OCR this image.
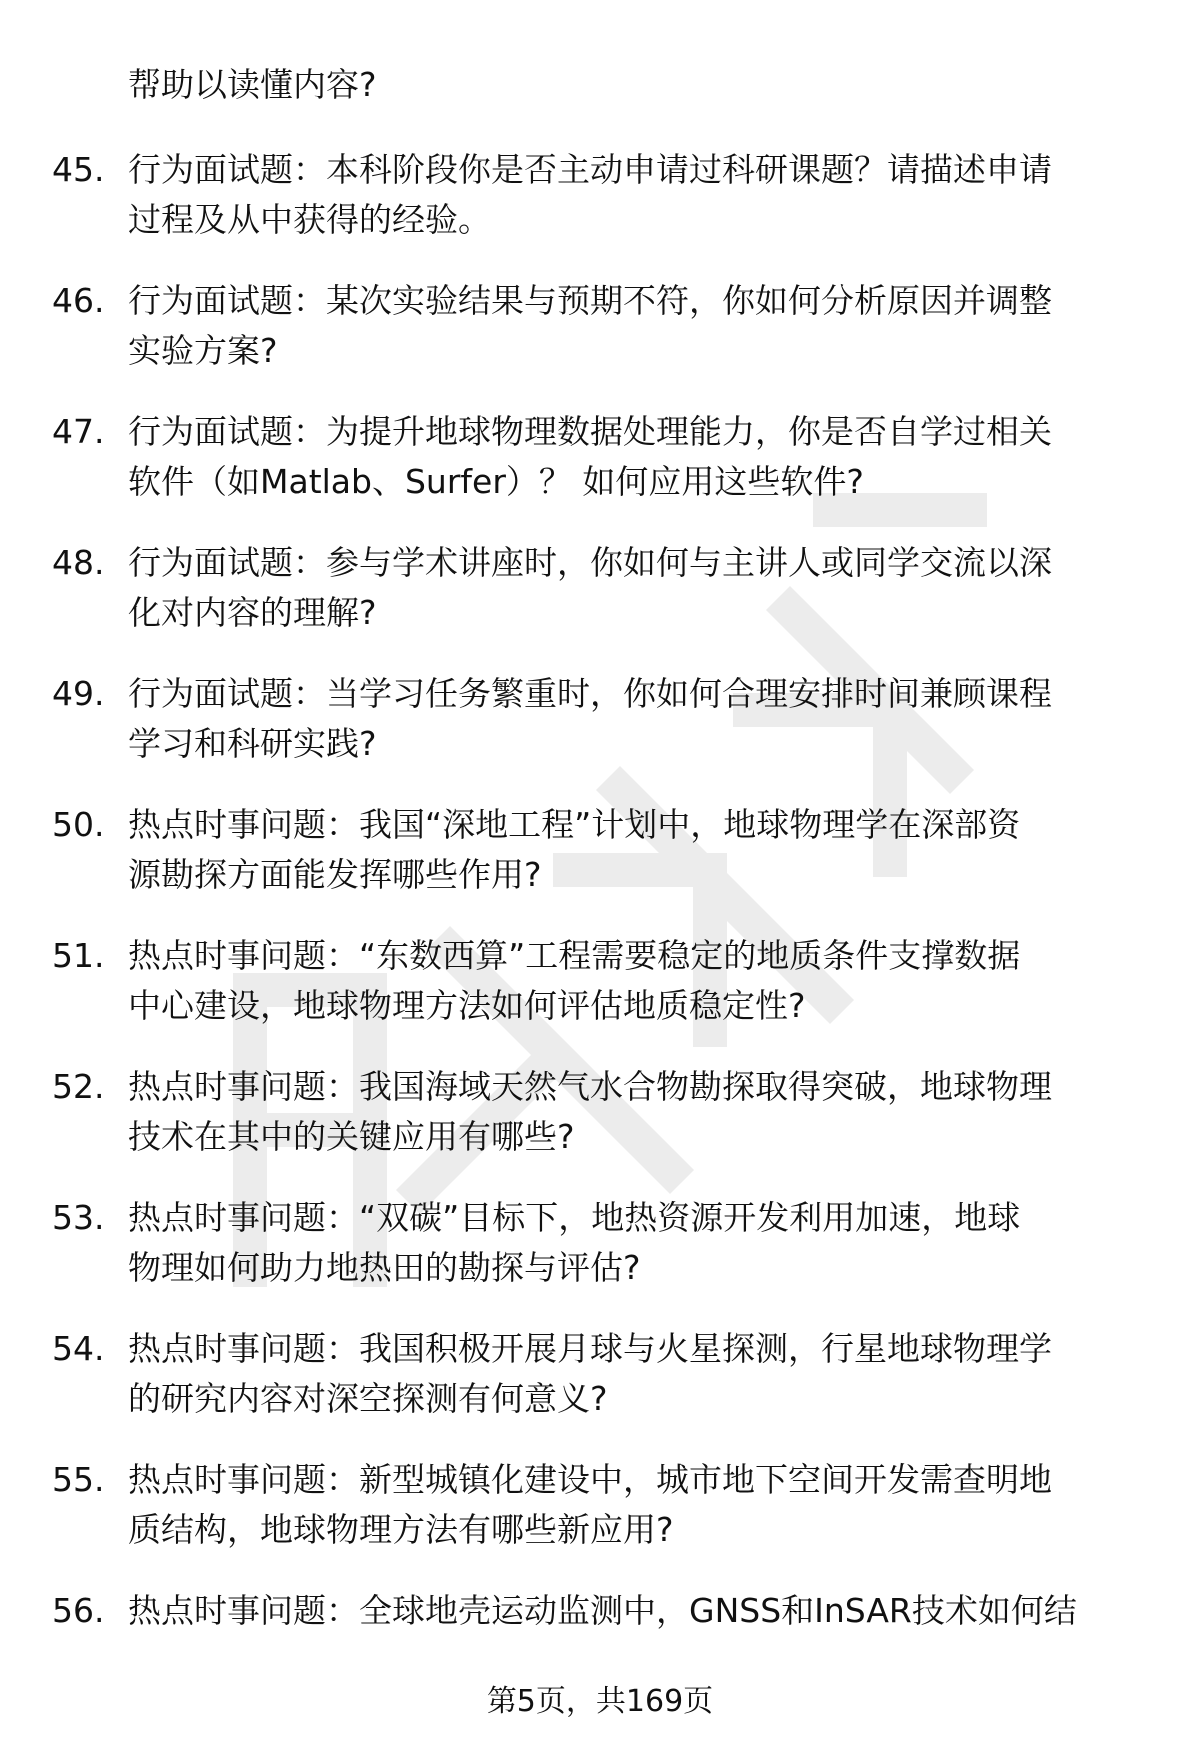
帮助以读懂内容?
45. 行为面试题：本科阶段你是否主动申请过科研课题？请描述申请
过程及从中获得的经验。
46. 行为面试题：某次实验结果与预期不符，你如何分析原因并调整
实验方案?
47. 行为面试题：为提升地球物理数据处理能力，你是否自学过相关
软件（如Matlab、Surfer）？ 如何应用这些软件?
48. 行为面试题：参与学术讲座时，你如何与主讲人或同学交流以深
化对内容的理解?
49. 行为面试题：当学习任务繁重时，你如何合理安排时间兼顾课程
学习和科研实践?
50. 热点时事问题：我国“深地工程”计划中，地球物理学在深部资
源勘探方面能发挥哪些作用?
51. 热点时事问题：“东数西算”工程需要稳定的地质条件支撑数据
中心建设，地球物理方法如何评估地质稳定性?
52. 热点时事问题：我国海域天然气水合物勘探取得突破，地球物理
技术在其中的关键应用有哪些?
53. 热点时事问题：“双碳”目标下，地热资源开发利用加速，地球
物理如何助力地热田的勘探与评估?
54. 热点时事问题：我国积极开展月球与火星探测，行星地球物理学
的研究内容对深空探测有何意义?
55. 热点时事问题：新型城镇化建设中，城市地下空间开发需查明地
质结构，地球物理方法有哪些新应用?
56. 热点时事问题：全球地壳运动监测中，GNSS和InSAR技术如何结
第5页，共169页
